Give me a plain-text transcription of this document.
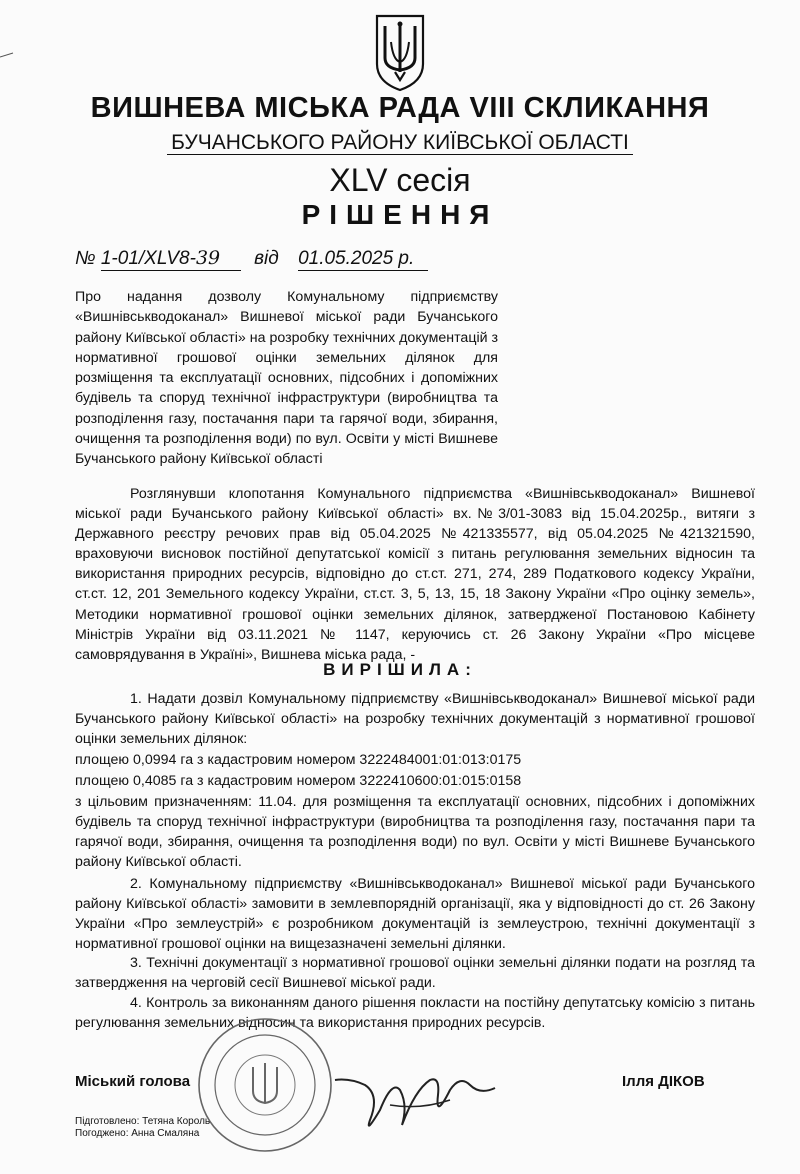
ВИШНЕВА МІСЬКА РАДА VIII СКЛИКАННЯ
БУЧАНСЬКОГО РАЙОНУ КИЇВСЬКОЇ ОБЛАСТІ
XLV сесія
РІШЕННЯ
№ 1-01/XLV8-39 від 01.05.2025 р.
Про надання дозволу Комунальному підприємству «Вишнівськводоканал» Вишневої міської ради Бучанського району Київської області» на розробку технічних документацій з нормативної грошової оцінки земельних ділянок для розміщення та експлуатації основних, підсобних і допоміжних будівель та споруд технічної інфраструктури (виробництва та розподілення газу, постачання пари та гарячої води, збирання, очищення та розподілення води) по вул. Освіти у місті Вишневе Бучанського району Київської області
Розглянувши клопотання Комунального підприємства «Вишнівськводоканал» Вишневої міської ради Бучанського району Київської області» вх.№3/01-3083 від 15.04.2025р., витяги з Державного реєстру речових прав від 05.04.2025 №421335577, від 05.04.2025 №421321590, враховуючи висновок постійної депутатської комісії з питань регулювання земельних відносин та використання природних ресурсів, відповідно до ст.ст. 271, 274, 289 Податкового кодексу України, ст.ст. 12, 201 Земельного кодексу України, ст.ст. 3, 5, 13, 15, 18 Закону України «Про оцінку земель», Методики нормативної грошової оцінки земельних ділянок, затвердженої Постановою Кабінету Міністрів України від 03.11.2021 № 1147, керуючись ст. 26 Закону України «Про місцеве самоврядування в Україні», Вишнева міська рада, -
ВИРІШИЛА:
1. Надати дозвіл Комунальному підприємству «Вишнівськводоканал» Вишневої міської ради Бучанського району Київської області» на розробку технічних документацій з нормативної грошової оцінки земельних ділянок:
площею 0,0994 га з кадастровим номером 3222484001:01:013:0175
площею 0,4085 га з кадастровим номером 3222410600:01:015:0158
з цільовим призначенням: 11.04. для розміщення та експлуатації основних, підсобних і допоміжних будівель та споруд технічної інфраструктури (виробництва та розподілення газу, постачання пари та гарячої води, збирання, очищення та розподілення води) по вул. Освіти у місті Вишневе Бучанського району Київської області.
2. Комунальному підприємству «Вишнівськводоканал» Вишневої міської ради Бучанського району Київської області» замовити в землевпорядній організації, яка у відповідності до ст. 26 Закону України «Про землеустрій» є розробником документацій із землеустрою, технічні документації з нормативної грошової оцінки на вищезазначені земельні ділянки.
3. Технічні документації з нормативної грошової оцінки земельні ділянки подати на розгляд та затвердження на черговій сесії Вишневої міської ради.
4. Контроль за виконанням даного рішення покласти на постійну депутатську комісію з питань регулювання земельних відносин та використання природних ресурсів.
Міський голова	Ілля ДІКОВ
Підготовлено: Тетяна Король
Погоджено: Анна Смаляна
